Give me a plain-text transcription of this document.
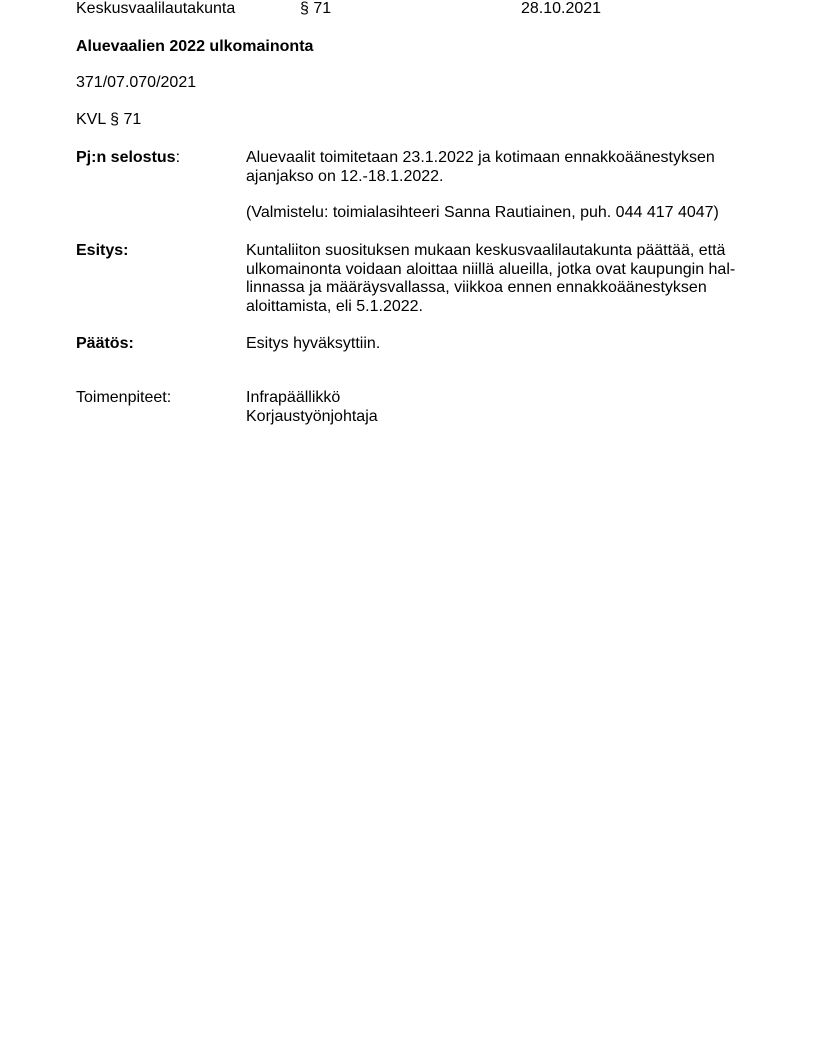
Keskusvaalilautakunta	§ 71	28.10.2021
Aluevaalien 2022 ulkomainonta
371/07.070/2021
KVL § 71
Pj:n selostus:	Aluevaalit toimitetaan 23.1.2022 ja kotimaan ennakkoäänestyksen
ajanjakso on 12.-18.1.2022.
(Valmistelu: toimialasihteeri Sanna Rautiainen, puh. 044 417 4047)
Esitys:	Kuntaliiton suosituksen mukaan keskusvaalilautakunta päättää, että
ulkomainonta voidaan aloittaa niillä alueilla, jotka ovat kaupungin hal-
linnassa ja määräysvallassa, viikkoa ennen ennakkoäänestyksen
aloittamista, eli 5.1.2022.
Päätös:	Esitys hyväksyttiin.
Toimenpiteet:	Infrapäällikkö
Korjaustyönjohtaja
